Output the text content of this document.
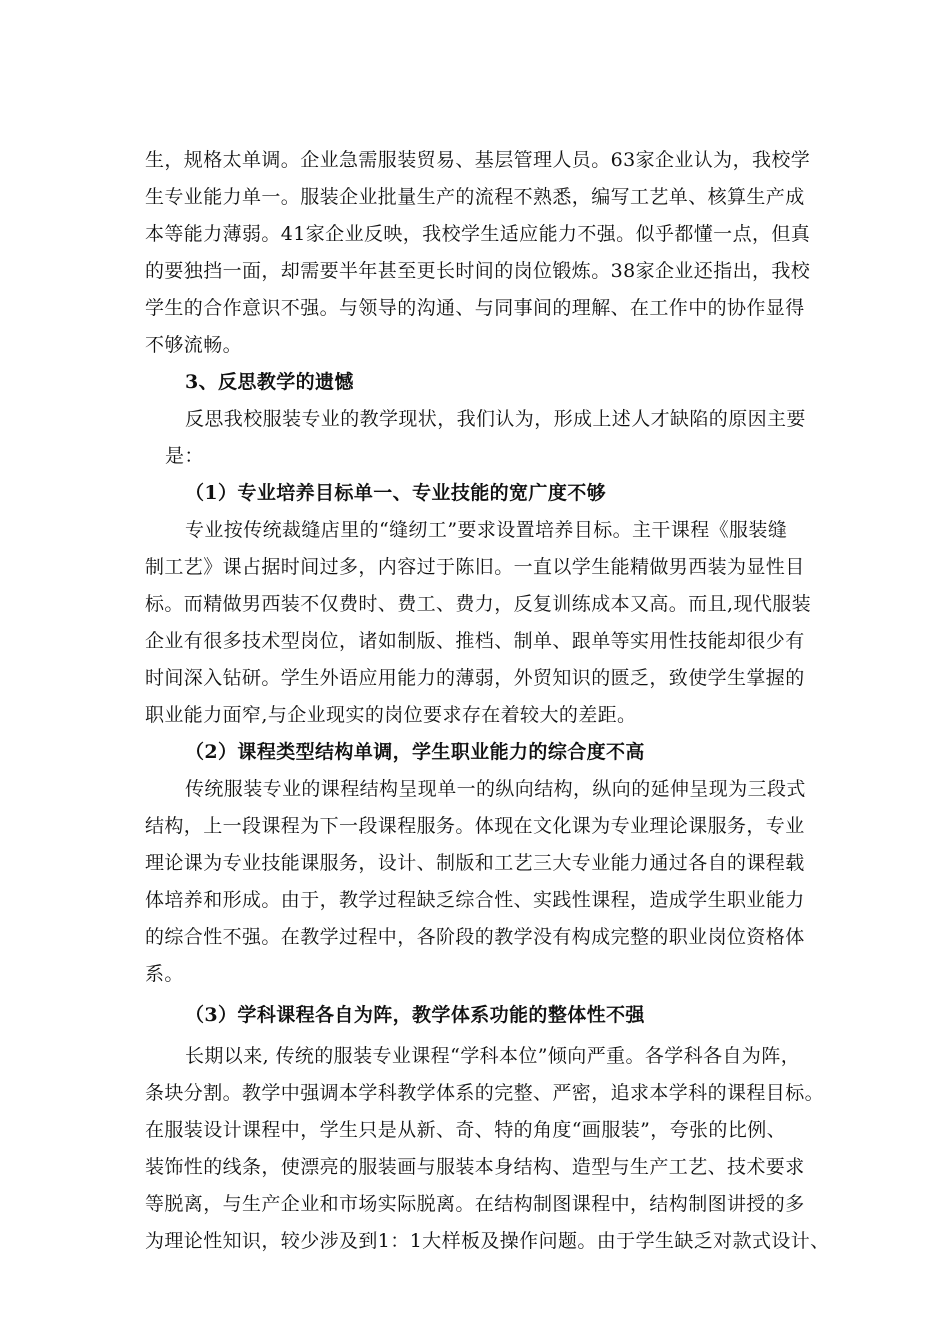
生，规格太单调。企业急需服装贸易、基层管理人员。63家企业认为，我校学

生专业能力单一。服装企业批量生产的流程不熟悉，编写工艺单、核算生产成

本等能力薄弱。41家企业反映，我校学生适应能力不强。似乎都懂一点，但真

的要独挡一面，却需要半年甚至更长时间的岗位锻炼。38家企业还指出，我校

学生的合作意识不强。与领导的沟通、与同事间的理解、在工作中的协作显得

不够流畅。

3、反思教学的遗憾

反思我校服装专业的教学现状，我们认为，形成上述人才缺陷的原因主要

是：

（1）专业培养目标单一、专业技能的宽广度不够

专业按传统裁缝店里的“缝纫工”要求设置培养目标。主干课程《服装缝

制工艺》课占据时间过多，内容过于陈旧。一直以学生能精做男西装为显性目

标。而精做男西装不仅费时、费工、费力，反复训练成本又高。而且,现代服装

企业有很多技术型岗位，诸如制版、推档、制单、跟单等实用性技能却很少有

时间深入钻研。学生外语应用能力的薄弱，外贸知识的匮乏，致使学生掌握的

职业能力面窄,与企业现实的岗位要求存在着较大的差距。

（2）课程类型结构单调，学生职业能力的综合度不高

传统服装专业的课程结构呈现单一的纵向结构，纵向的延伸呈现为三段式

结构，上一段课程为下一段课程服务。体现在文化课为专业理论课服务，专业

理论课为专业技能课服务，设计、制版和工艺三大专业能力通过各自的课程载

体培养和形成。由于，教学过程缺乏综合性、实践性课程，造成学生职业能力

的综合性不强。在教学过程中，各阶段的教学没有构成完整的职业岗位资格体

系。

（3）学科课程各自为阵，教学体系功能的整体性不强

长期以来, 传统的服装专业课程“学科本位”倾向严重。各学科各自为阵，

条块分割。教学中强调本学科教学体系的完整、严密，追求本学科的课程目标。

在服装设计课程中，学生只是从新、奇、特的角度“画服装”，夸张的比例、

装饰性的线条，使漂亮的服装画与服装本身结构、造型与生产工艺、技术要求

等脱离，与生产企业和市场实际脱离。在结构制图课程中，结构制图讲授的多

为理论性知识，较少涉及到1：1大样板及操作问题。由于学生缺乏对款式设计、
